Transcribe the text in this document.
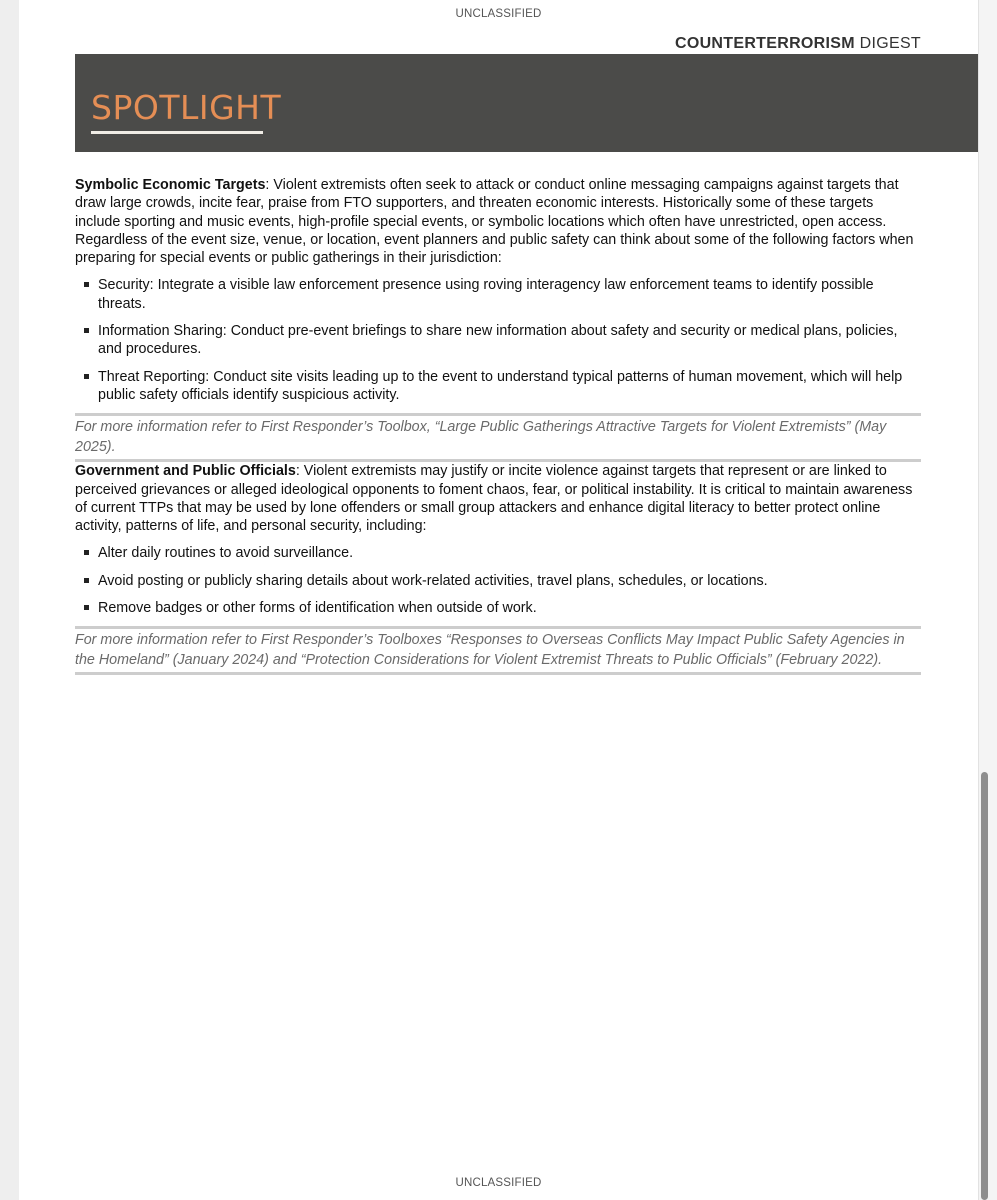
UNCLASSIFIED
COUNTERTERRORISM DIGEST
SPOTLIGHT

Symbolic Economic Targets: Violent extremists often seek to attack or conduct online messaging campaigns against targets that draw large crowds, incite fear, praise from FTO supporters, and threaten economic interests. Historically some of these targets include sporting and music events, high-profile special events, or symbolic locations which often have unrestricted, open access. Regardless of the event size, venue, or location, event planners and public safety can think about some of the following factors when preparing for special events or public gatherings in their jurisdiction:

Security: Integrate a visible law enforcement presence using roving interagency law enforcement teams to identify possible threats.
Information Sharing: Conduct pre-event briefings to share new information about safety and security or medical plans, policies, and procedures.
Threat Reporting: Conduct site visits leading up to the event to understand typical patterns of human movement, which will help public safety officials identify suspicious activity.
For more information refer to First Responder’s Toolbox, “Large Public Gatherings Attractive Targets for Violent Extremists” (May 2025).

Government and Public Officials: Violent extremists may justify or incite violence against targets that represent or are linked to perceived grievances or alleged ideological opponents to foment chaos, fear, or political instability. It is critical to maintain awareness of current TTPs that may be used by lone offenders or small group attackers and enhance digital literacy to better protect online activity, patterns of life, and personal security, including:

Alter daily routines to avoid surveillance.
Avoid posting or publicly sharing details about work-related activities, travel plans, schedules, or locations.
Remove badges or other forms of identification when outside of work.
For more information refer to First Responder’s Toolboxes “Responses to Overseas Conflicts May Impact Public Safety Agencies in the Homeland” (January 2024) and “Protection Considerations for Violent Extremist Threats to Public Officials” (February 2022).
UNCLASSIFIED
